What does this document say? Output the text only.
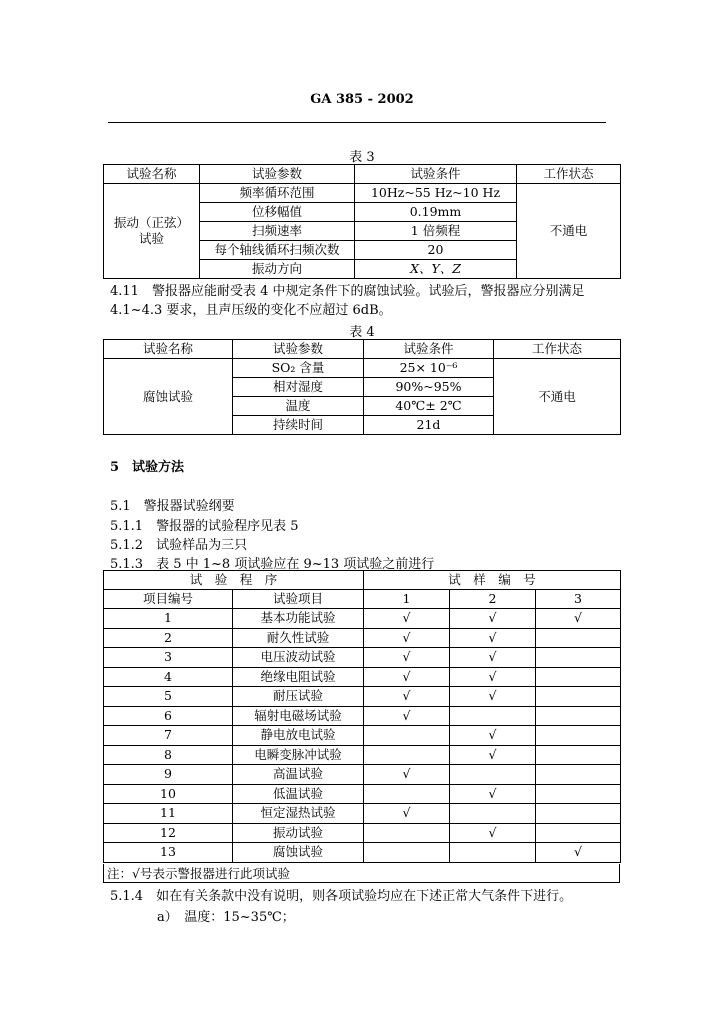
GA 385 - 2002
表 3
试验名称	试验参数	试验条件	工作状态
振动（正弦）试验	频率循环范围	10Hz~55 Hz~10 Hz	不通电
	位移幅值	0.19mm	
	扫频速率	1 倍频程	
	每个轴线循环扫频次数	20	
	振动方向	X、Y、Z	
4.11　警报器应能耐受表 4 中规定条件下的腐蚀试验。试验后，警报器应分别满足 4.1~4.3 要求，且声压级的变化不应超过 6dB。
表 4
试验名称	试验参数	试验条件	工作状态
腐蚀试验	SO₂ 含量	25× 10⁻⁶	不通电
	相对湿度	90%~95%	
	温度	40℃± 2℃	
	持续时间	21d	
5　试验方法
5.1　警报器试验纲要
5.1.1　警报器的试验程序见表 5
5.1.2　试验样品为三只
5.1.3　表 5 中 1~8 项试验应在 9~13 项试验之前进行
试　验　程　序		试　样　编　号		
项目编号	试验项目	1	2	3
1	基本功能试验	√	√	√
2	耐久性试验	√	√	
3	电压波动试验	√	√	
4	绝缘电阻试验	√	√	
5	耐压试验	√	√	
6	辐射电磁场试验	√		
7	静电放电试验		√	
8	电瞬变脉冲试验		√	
9	高温试验	√		
10	低温试验		√	
11	恒定湿热试验	√		
12	振动试验		√	
13	腐蚀试验			√
注：√号表示警报器进行此项试验
5.1.4　如在有关条款中没有说明，则各项试验均应在下述正常大气条件下进行。
a）　温度：15~35℃；
